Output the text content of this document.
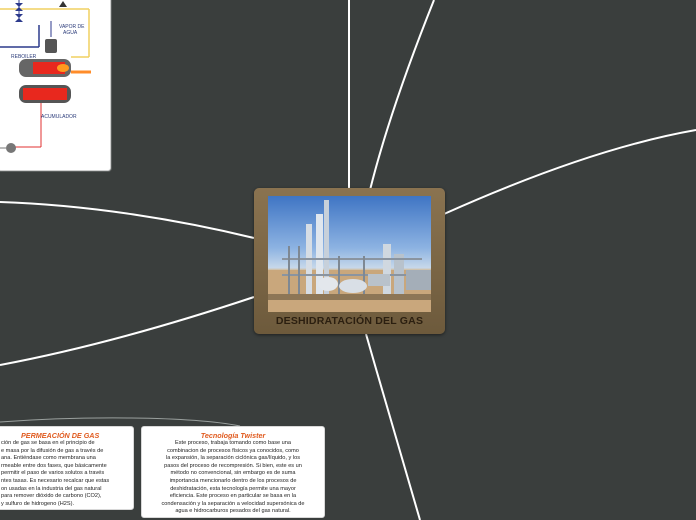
VAPOR DE
AGUA
REBOILER
ACUMULADOR
DESHIDRATACIÓN DEL GAS
PERMEACIÓN DE GAS
ción de gas se basa en el principio de
e masa por la difusión de gas a través de
ana. Entiéndase como membrana una
rmeable entre dos fases, que básicamente
permitir el paso de varios solutos a través
ntes tasas. Es necesario recalcar que estas
on usadas en la industria del gas natural
para remover dióxido de carbono (CO2),
y sulfuro de hidrogeno (H2S).
Tecnología Twister
Este proceso, trabaja tomando como base una
combinacion de procesos físicos ya conocidos, como
la expansión, la separación ciclónica gas/líquido, y los
pasos del proceso de recompresión. Si bien, este es un
método no convencional, sin embargo es de suma
importancia mencionarlo dentro de los procesos de
deshidratación, esta tecnología permite una mayor
eficiencia. Este proceso en particular se basa en la
condensación y la separación a velocidad supersónica de
agua e hidrocarburos pesados del gas natural.
